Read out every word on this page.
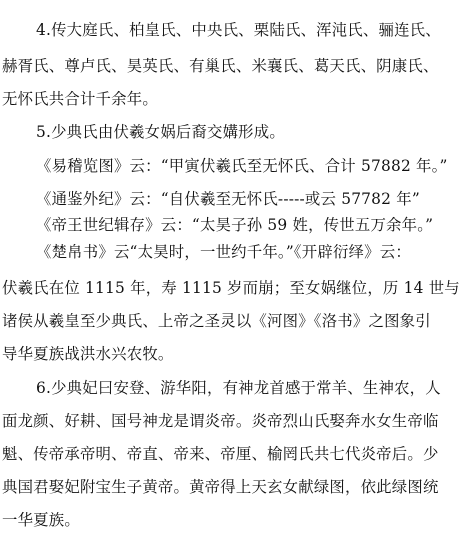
4.传大庭氏、柏皇氏、中央氏、栗陆氏、浑沌氏、骊连氏、
赫胥氏、尊卢氏、昊英氏、有巢氏、米襄氏、葛天氏、阴康氏、
无怀氏共合计千余年。
5.少典氏由伏羲女娲后裔交媾形成。
《易稽览图》云：“甲寅伏羲氏至无怀氏、合计 57882 年。”
《通鉴外纪》云：“自伏羲至无怀氏-----或云 57782 年”
《帝王世纪辑存》云：“太昊子孙 59 姓，传世五万余年。”
《楚帛书》云“太昊时，一世约千年。”《开辟衍绎》云：
伏羲氏在位 1115 年，寿 1115 岁而崩；至女娲继位，历 14 世与
诸侯从羲皇至少典氏、上帝之圣灵以《河图》《洛书》之图象引
导华夏族战洪水兴农牧。
6.少典妃曰安登、游华阳，有神龙首感于常羊、生神农，人
面龙颜、好耕、国号神龙是谓炎帝。炎帝烈山氏娶奔水女生帝临
魁、传帝承帝明、帝直、帝来、帝厘、榆罔氏共七代炎帝后。少
典国君娶妃附宝生子黄帝。黄帝得上天玄女献绿图，依此绿图统
一华夏族。
